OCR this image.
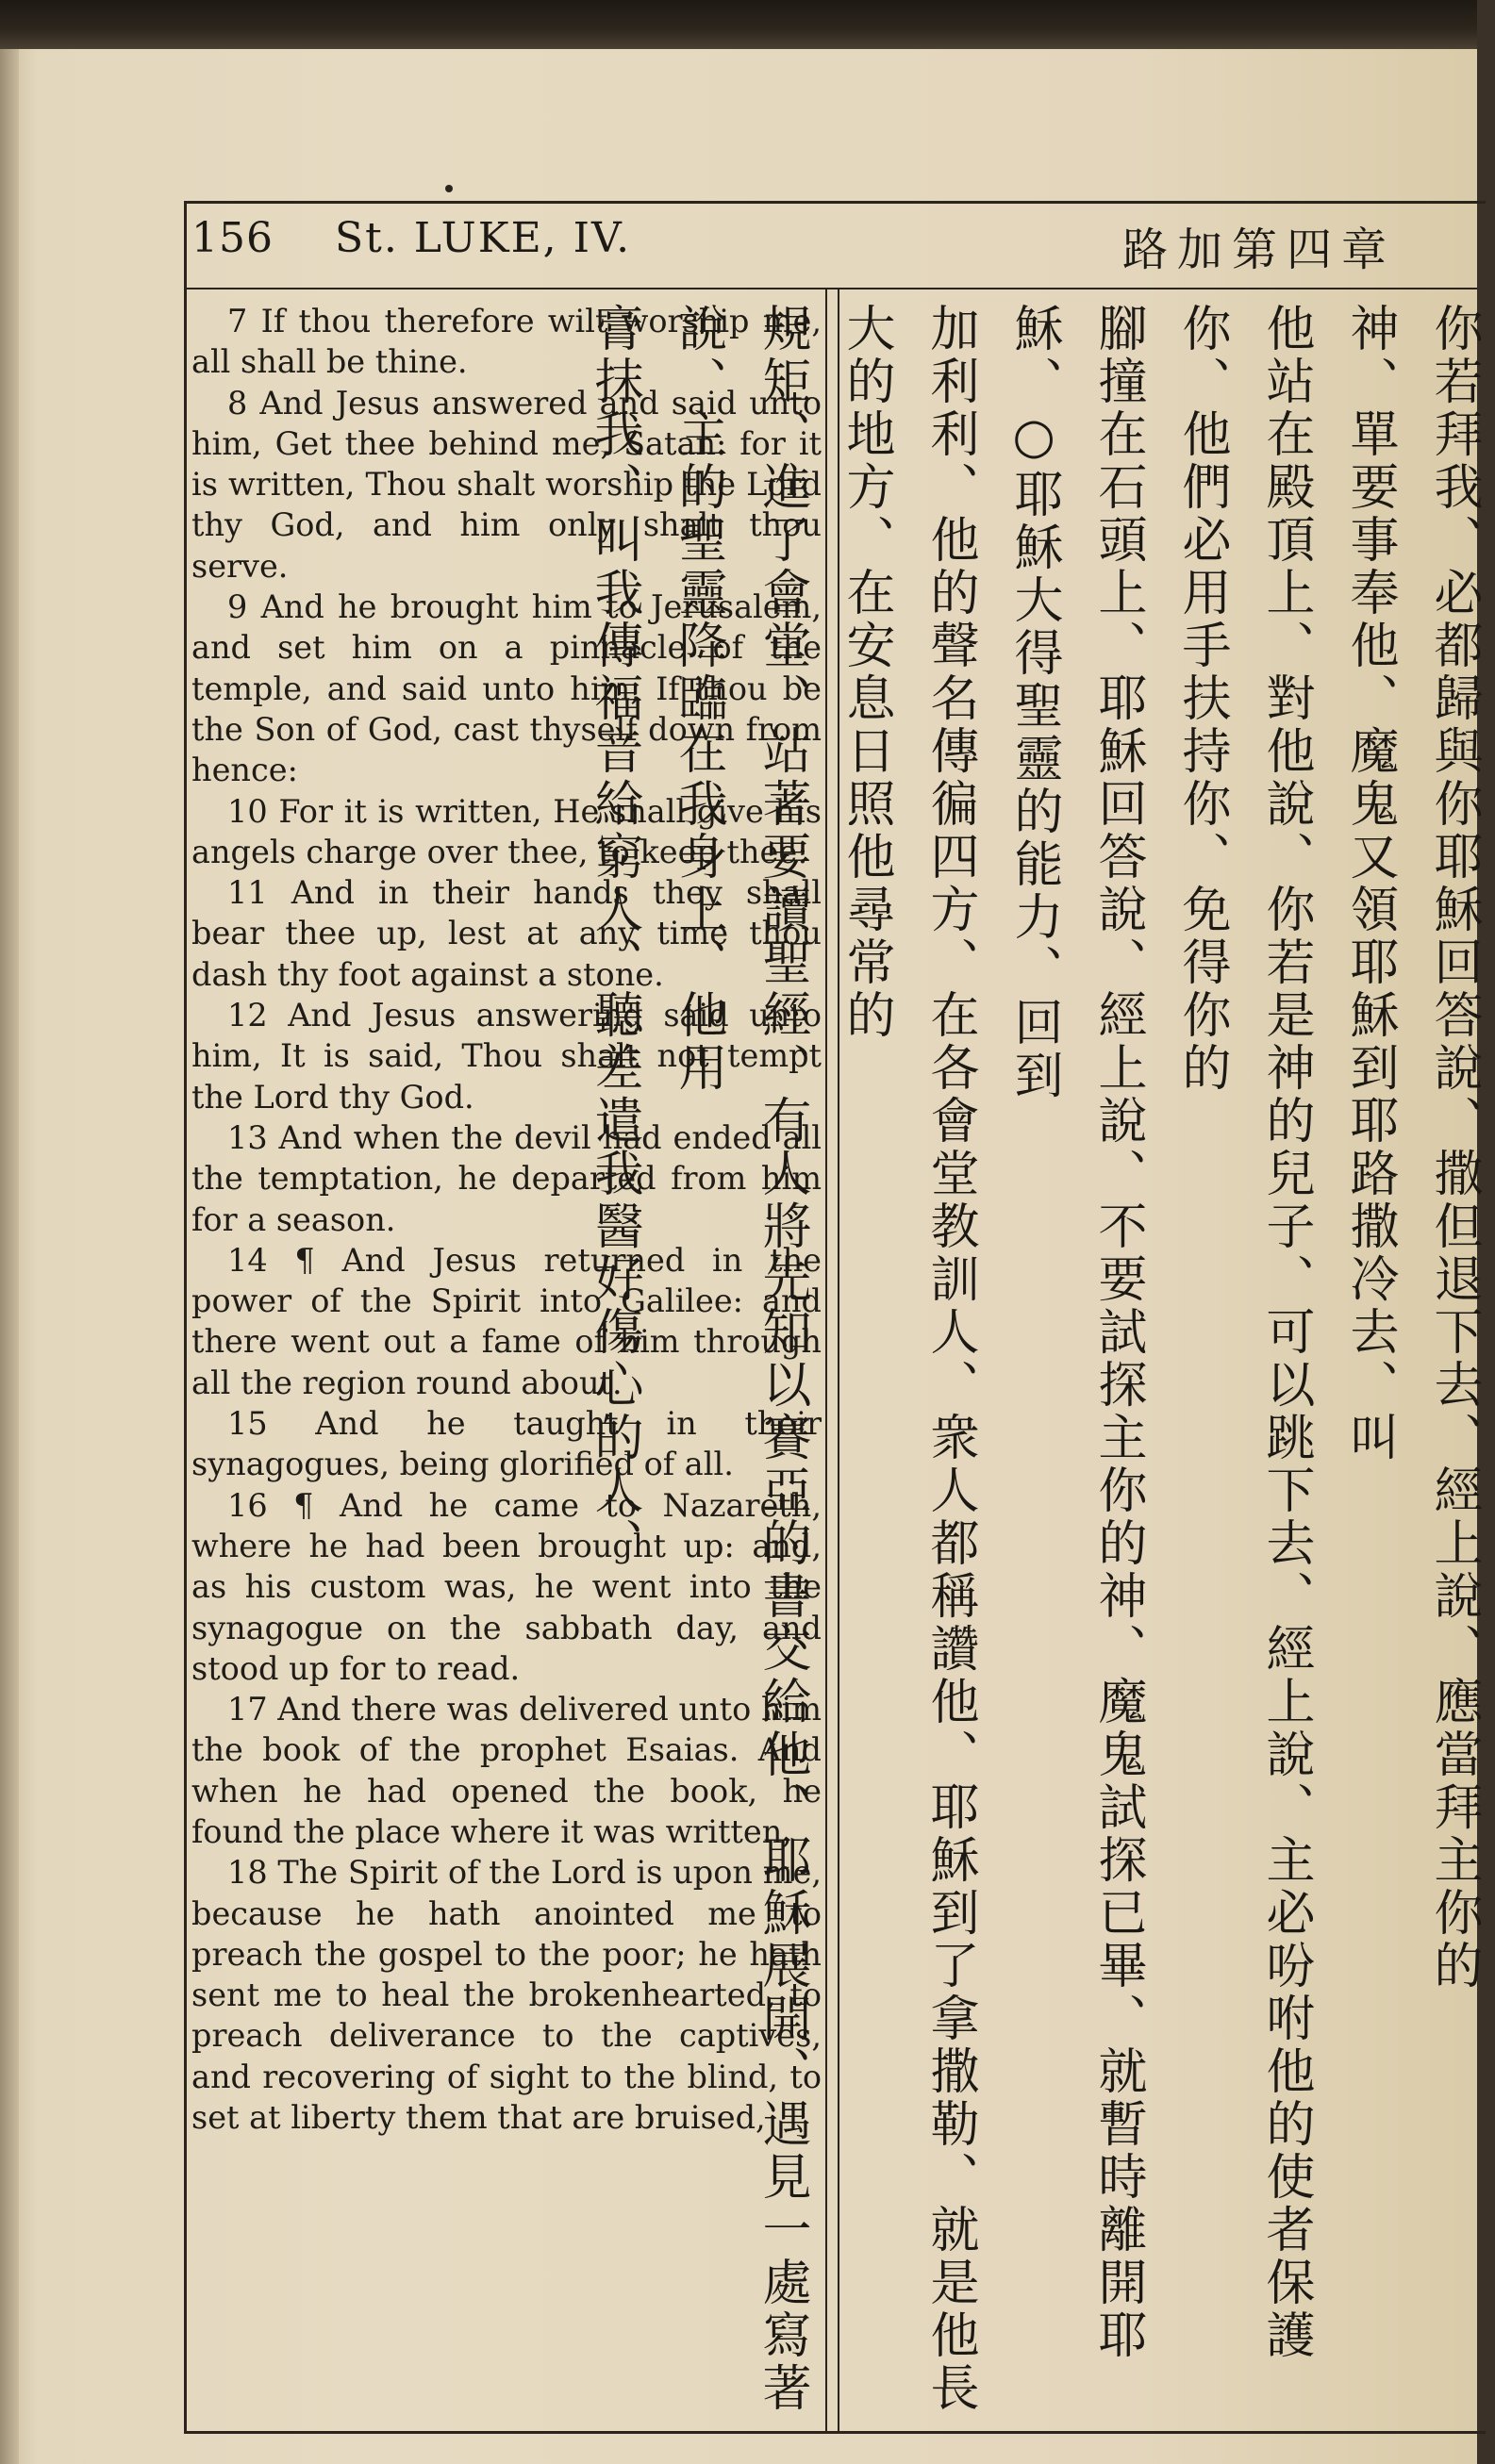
156 St. LUKE, IV.	路加第四章

7 If thou therefore wilt worship me, all shall be thine.

8 And Jesus answered and said unto him, Get thee behind me, Satan: for it is written, Thou shalt worship the Lord thy God, and him only shalt thou serve.

9 And he brought him to Jerusalem, and set him on a pinnacle of the temple, and said unto him, If thou be the Son of God, cast thyself down from hence:

10 For it is written, He shall give his angels charge over thee, to keep thee:

11 And in their hands they shall bear thee up, lest at any time thou dash thy foot against a stone.

12 And Jesus answering said unto him, It is said, Thou shalt not tempt the Lord thy God.

13 And when the devil had ended all the temptation, he departed from him for a season.

14 ¶ And Jesus returned in the power of the Spirit into Galilee: and there went out a fame of him through all the region round about.

15 And he taught in their synagogues, being glorified of all.

16 ¶ And he came to Nazareth, where he had been brought up: and, as his custom was, he went into the synagogue on the sabbath day, and stood up for to read.

17 And there was delivered unto him the book of the prophet Esaias. And when he had opened the book, he found the place where it was written,

18 The Spirit of the Lord is upon me, because he hath anointed me to preach the gospel to the poor; he hath sent me to heal the brokenhearted, to preach deliverance to the captives, and recovering of sight to the blind, to set at liberty them that are bruised,

你若拜我、必都歸與你耶穌回答說、撒但退下去、經上說、應當拜主你的

神、單要事奉他、魔鬼又領耶穌到耶路撒冷去、叫

他站在殿頂上、對他說、你若是神的兒子、可以跳下去、經上說、主必吩咐他的使者保護你、他們必用手扶持你、免得你的

腳撞在石頭上、耶穌回答說、經上說、不要試探主你的神、魔鬼試探已畢、就暫時離開耶穌、○耶穌大得聖靈的能力、回到

加利利、他的聲名傳徧四方、在各會堂教訓人、衆人都稱讚他、耶穌到了拿撒勒、就是他長大的地方、在安息日照他尋常的

規矩、進了會堂、站著要讀聖經、有人將先知以賽亞的書交給他、耶穌展開、遇見一處寫著說、主的聖靈降臨在我身上、他用

膏抹我、叫我傳福音給窮人、聽差遣我醫好傷心的人、
